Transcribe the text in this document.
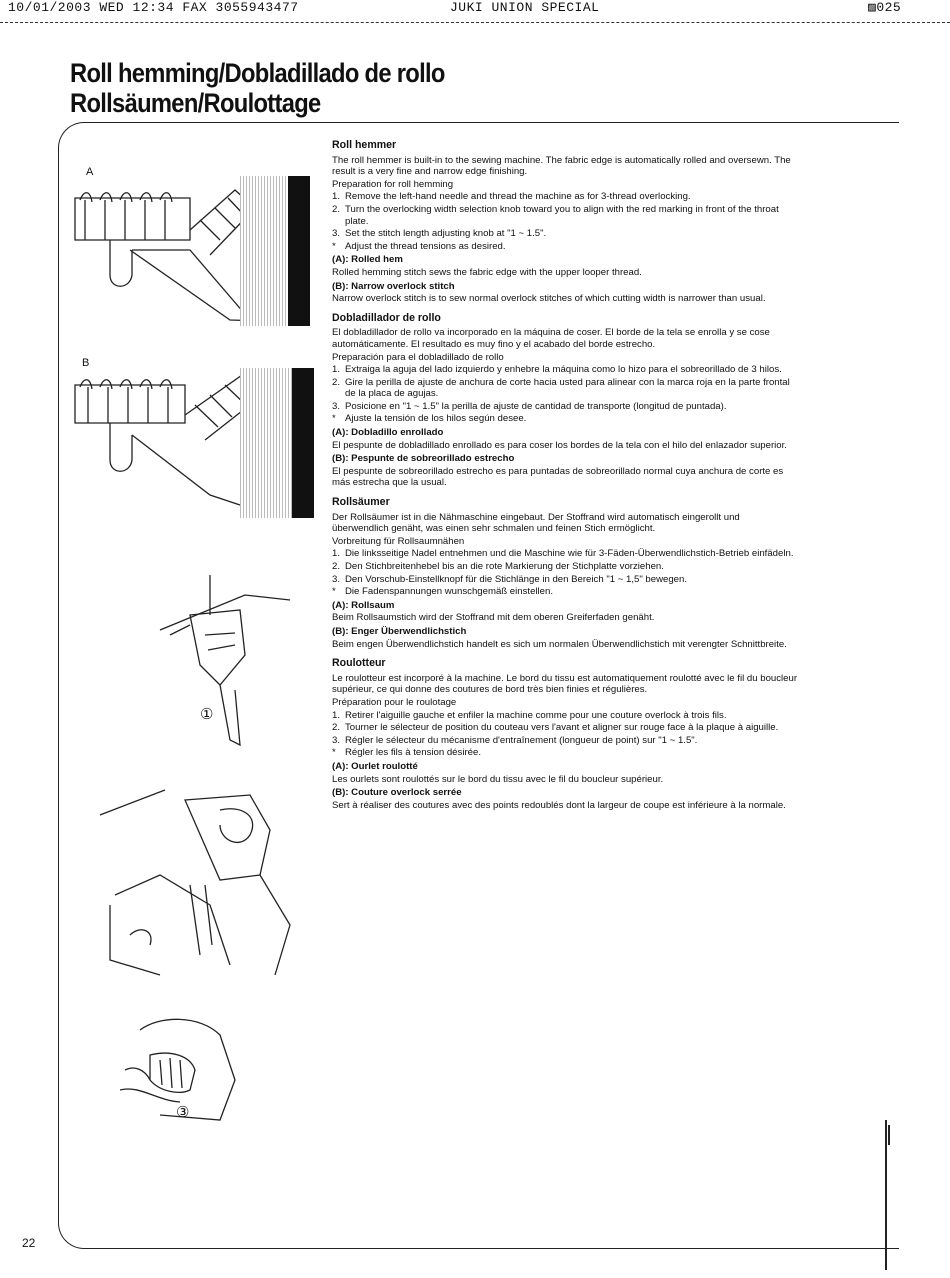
10/01/2003 WED 12:34 FAX 3055943477	JUKI UNION SPECIAL	▨025
Roll hemming/Dobladillado de rollo
Rollsäumen/Roulottage
A
B
①
③
Roll hemmer

The roll hemmer is built-in to the sewing machine. The fabric edge is automatically rolled and oversewn. The result is a very fine and narrow edge finishing.

Preparation for roll hemming

1. Remove the left-hand needle and thread the machine as for 3-thread overlocking.
2. Turn the overlocking width selection knob toward you to align with the red marking in front of the throat plate.
3. Set the stitch length adjusting knob at "1 ~ 1.5".
* Adjust the thread tensions as desired.

(A): Rolled hem

Rolled hemming stitch sews the fabric edge with the upper looper thread.

(B): Narrow overlock stitch

Narrow overlock stitch is to sew normal overlock stitches of which cutting width is narrower than usual.

Dobladillador de rollo

El dobladillador de rollo va incorporado en la máquina de coser. El borde de la tela se enrolla y se cose automáticamente. El resultado es muy fino y el acabado del borde estrecho.

Preparación para el dobladillado de rollo

1. Extraiga la aguja del lado izquierdo y enhebre la máquina como lo hizo para el sobreorillado de 3 hilos.
2. Gire la perilla de ajuste de anchura de corte hacia usted para alinear con la marca roja en la parte frontal de la placa de agujas.
3. Posicione en "1 ~ 1.5" la perilla de ajuste de cantidad de transporte (longitud de puntada).
* Ajuste la tensión de los hilos según desee.

(A): Dobladillo enrollado

El pespunte de dobladillado enrollado es para coser los bordes de la tela con el hilo del enlazador superior.

(B): Pespunte de sobreorillado estrecho

El pespunte de sobreorillado estrecho es para puntadas de sobreorillado normal cuya anchura de corte es más estrecha que la usual.

Rollsäumer

Der Rollsäumer ist in die Nähmaschine eingebaut. Der Stoffrand wird automatisch eingerollt und überwendlich genäht, was einen sehr schmalen und feinen Stich ermöglicht.

Vorbreitung für Rollsaumnähen

1. Die linksseitige Nadel entnehmen und die Maschine wie für 3-Fäden-Überwendlichstich-Betrieb einfädeln.
2. Den Stichbreitenhebel bis an die rote Markierung der Stichplatte vorziehen.
3. Den Vorschub-Einstellknopf für die Stichlänge in den Bereich "1 ~ 1,5" bewegen.
* Die Fadenspannungen wunschgemäß einstellen.

(A): Rollsaum

Beim Rollsaumstich wird der Stoffrand mit dem oberen Greiferfaden genäht.

(B): Enger Überwendlichstich

Beim engen Überwendlichstich handelt es sich um normalen Überwendlichstich mit verengter Schnittbreite.

Roulotteur

Le roulotteur est incorporé à la machine. Le bord du tissu est automatiquement roulotté avec le fil du boucleur supérieur, ce qui donne des coutures de bord très bien finies et régulières.

Préparation pour le roulotage

1. Retirer l'aiguille gauche et enfiler la machine comme pour une couture overlock à trois fils.
2. Tourner le sélecteur de position du couteau vers l'avant et aligner sur rouge face à la plaque à aiguille.
3. Régler le sélecteur du mécanisme d'entraînement (longueur de point) sur "1 ~ 1.5".
* Régler les fils à tension désirée.

(A): Ourlet roulotté

Les ourlets sont roulottés sur le bord du tissu avec le fil du boucleur supérieur.

(B): Couture overlock serrée

Sert à réaliser des coutures avec des points redoublés dont la largeur de coupe est inférieure à la normale.

22
